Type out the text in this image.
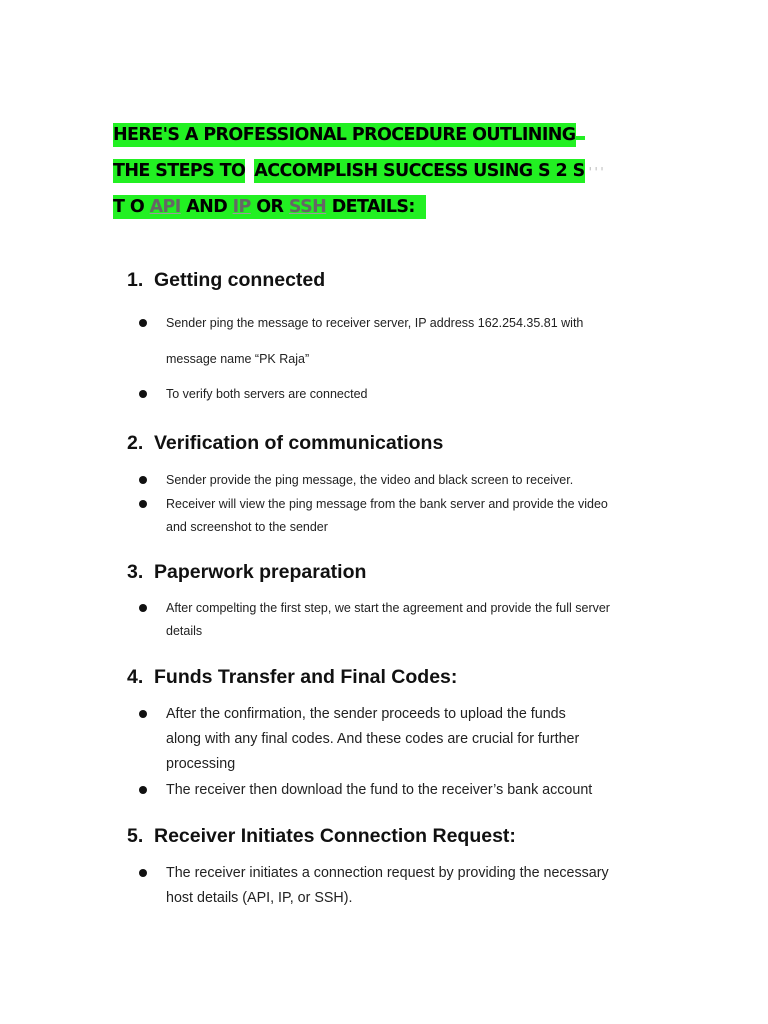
HERE'S A PROFESSIONAL PROCEDURE OUTLINING
THE STEPS TO ACCOMPLISH SUCCESS USING S 2 S ' ' '
T O API AND IP OR SSH DETAILS:
1. Getting connected
Sender ping the message to receiver server, IP address 162.254.35.81 with
message name “PK Raja”
To verify both servers are connected
2. Verification of communications
Sender provide the ping message, the video and black screen to receiver.
Receiver will view the ping message from the bank server and provide the video
and screenshot to the sender
3. Paperwork preparation
After compelting the first step, we start the agreement and provide the full server
details
4. Funds Transfer and Final Codes:
After the confirmation, the sender proceeds to upload the funds
along with any final codes. And these codes are crucial for further
processing
The receiver then download the fund to the receiver’s bank account
5. Receiver Initiates Connection Request:
The receiver initiates a connection request by providing the necessary
host details (API, IP, or SSH).
